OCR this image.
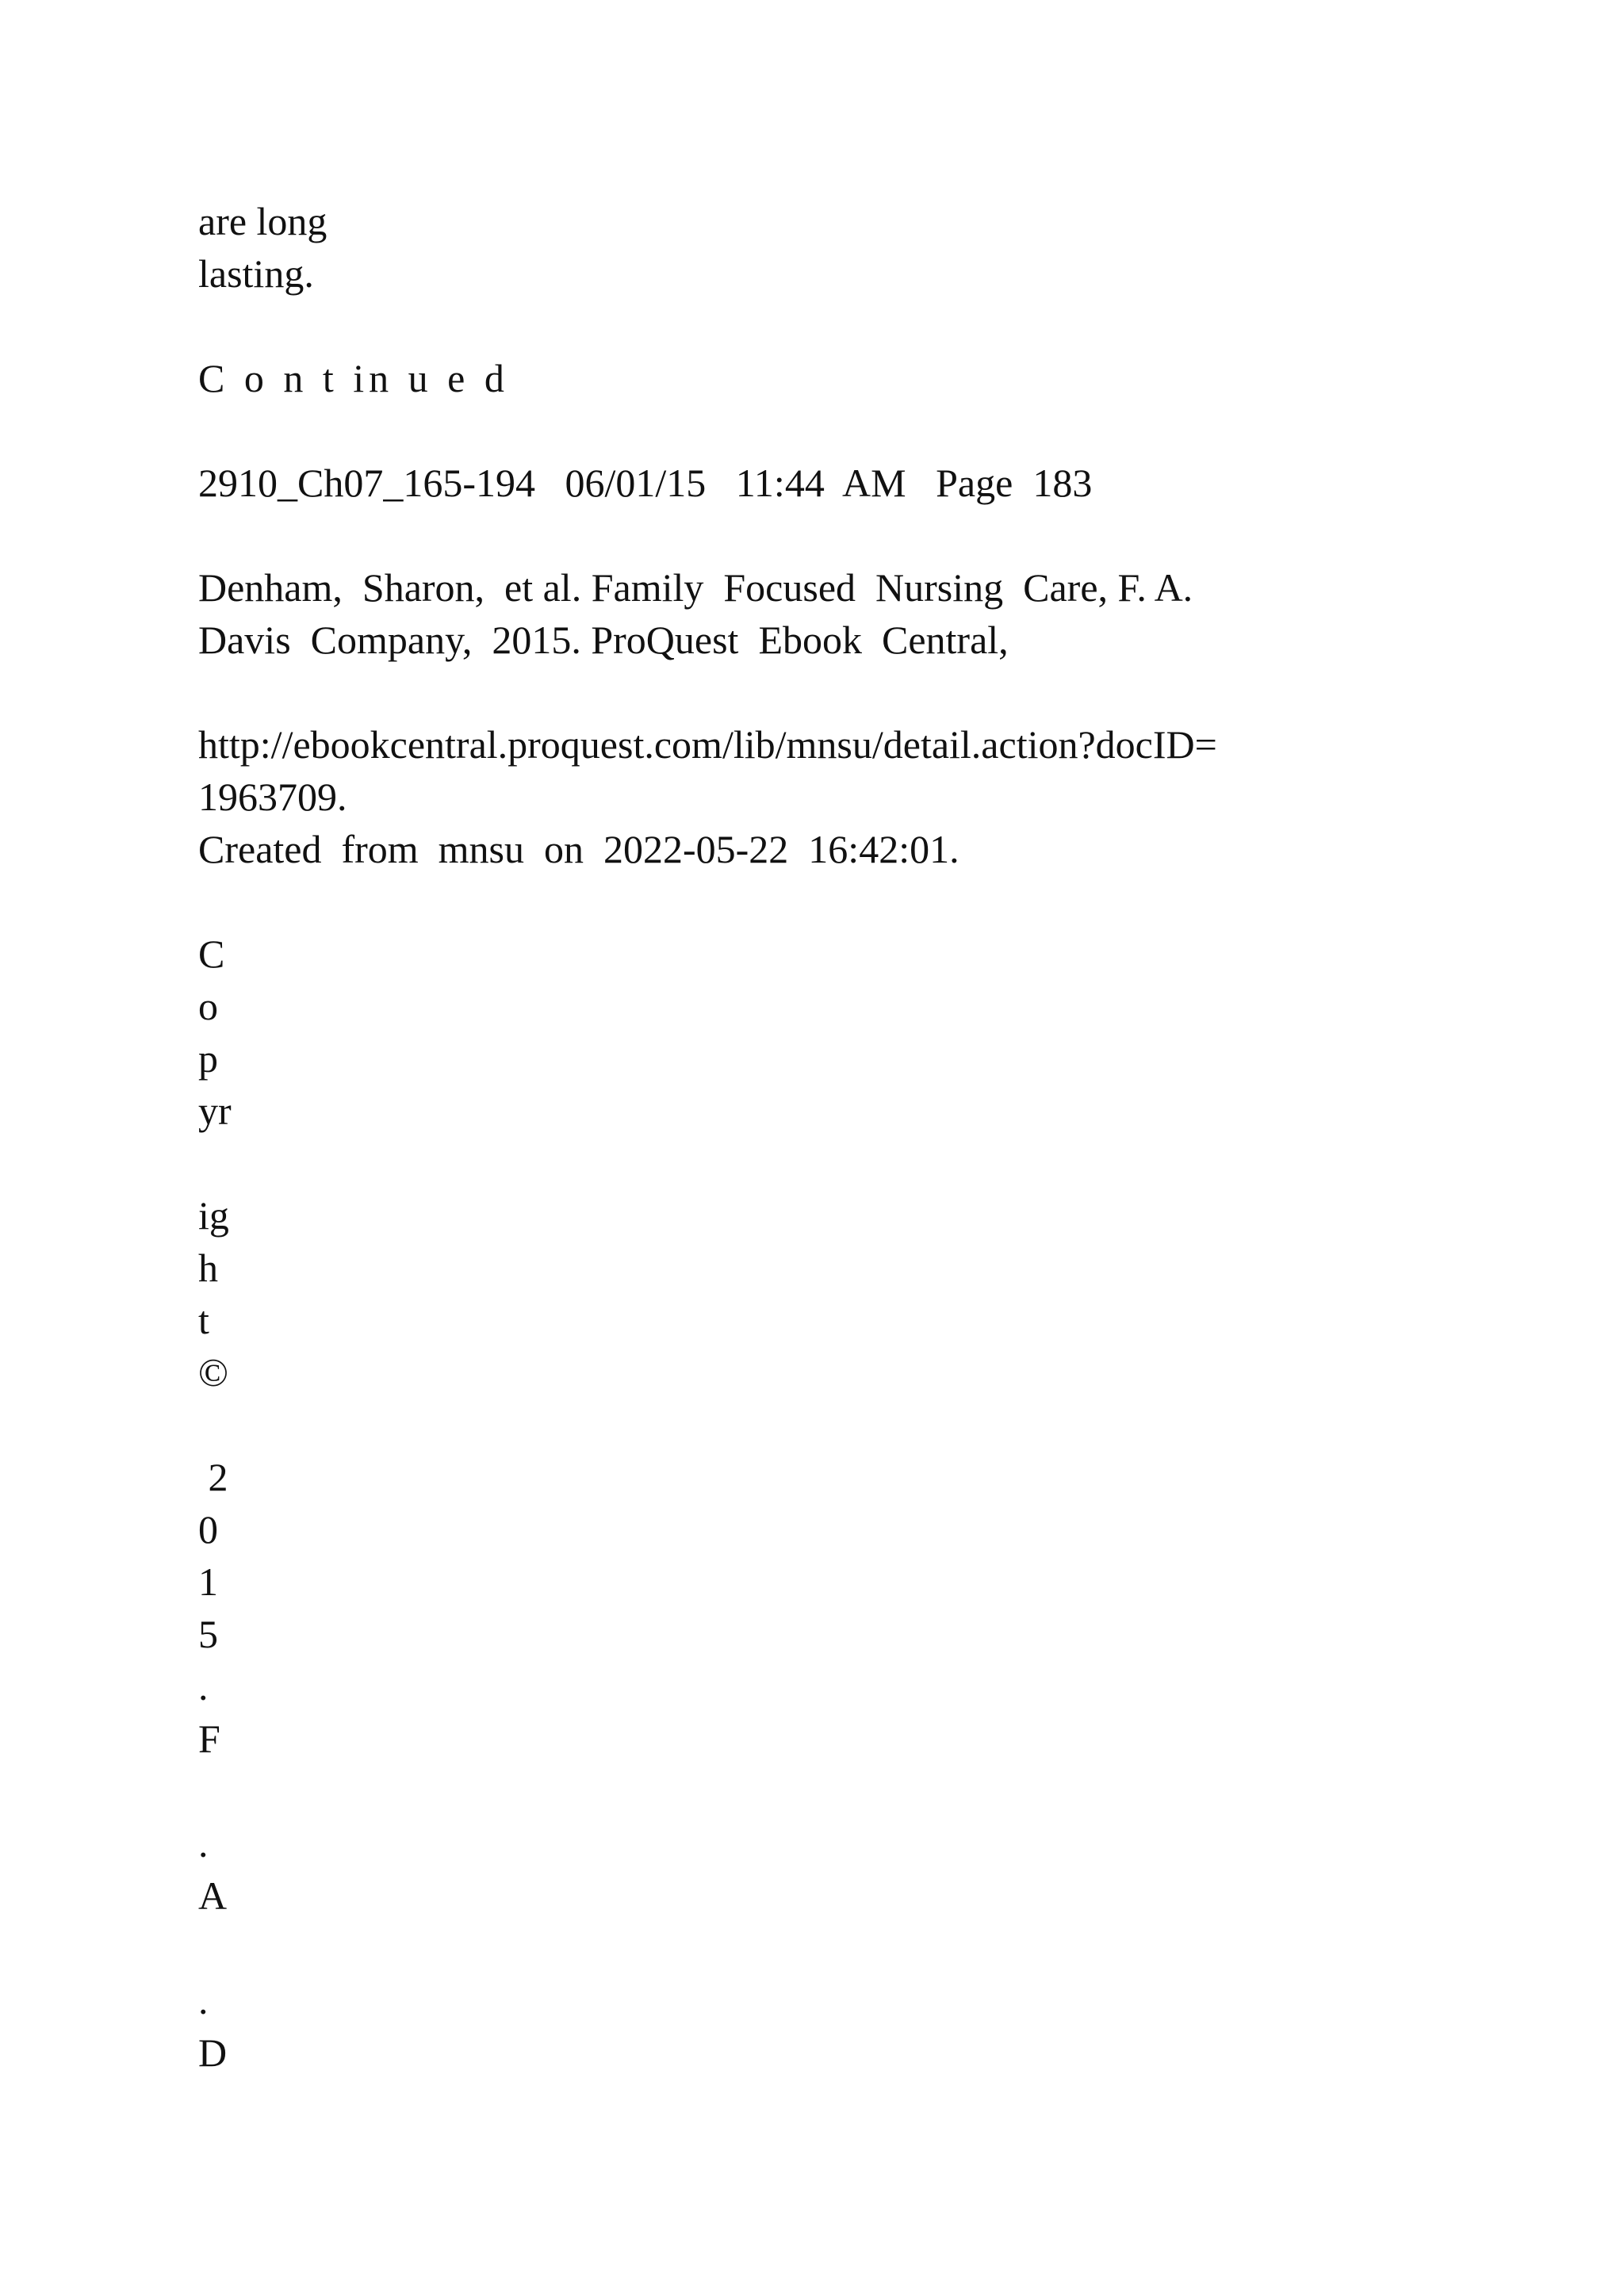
are long
lasting.
C o n t in u e d
2910_Ch07_165-194   06/01/15   11:44  AM   Page  183
Denham,  Sharon,  et al. Family  Focused  Nursing  Care, F. A.
Davis  Company,  2015. ProQuest  Ebook  Central,
http://ebookcentral.proquest.com/lib/mnsu/detail.action?docID=
1963709.
Created  from  mnsu  on  2022-05-22  16:42:01.
C
o
p
yr
ig
h
t
©
2
0
1
5
.
F
.
A
.
D
